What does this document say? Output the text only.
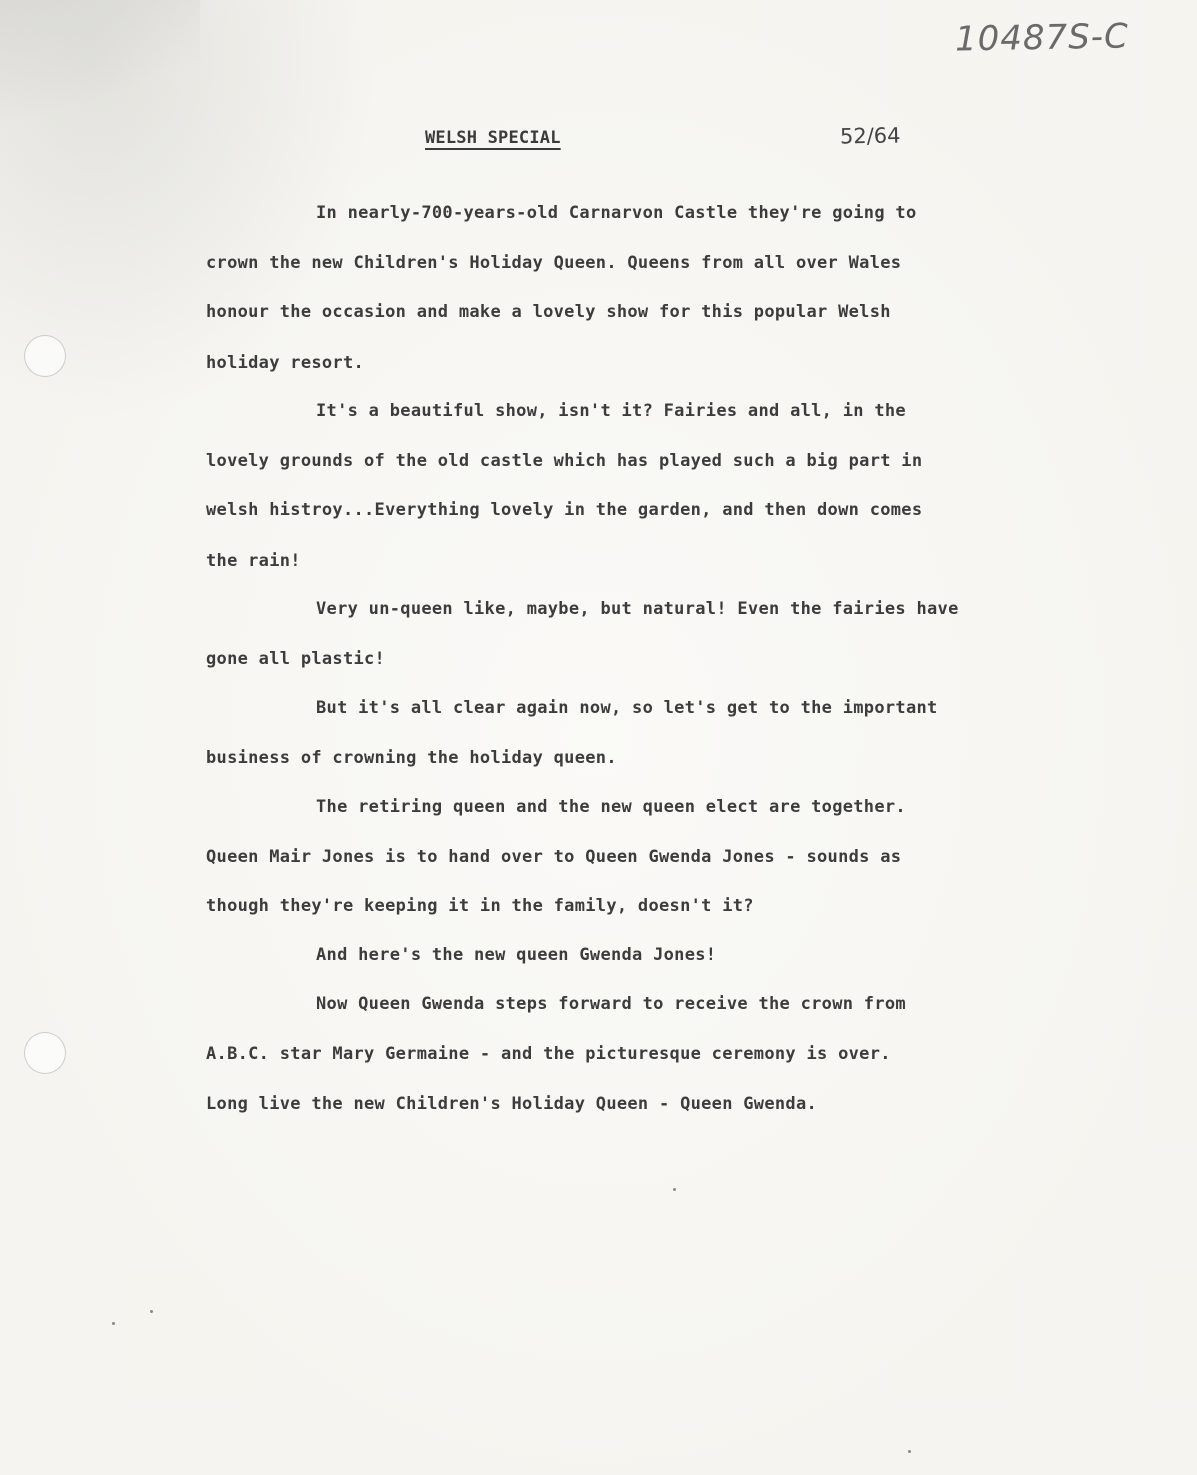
10487S-C
WELSH SPECIAL	52/64
In nearly-700-years-old Carnarvon Castle they're going to
crown the new Children's Holiday Queen. Queens from all over Wales
honour the occasion and make a lovely show for this popular Welsh
holiday resort.
It's a beautiful show, isn't it? Fairies and all, in the
lovely grounds of the old castle which has played such a big part in
welsh histroy...Everything lovely in the garden, and then down comes
the rain!
Very un-queen like, maybe, but natural! Even the fairies have
gone all plastic!
But it's all clear again now, so let's get to the important
business of crowning the holiday queen.
The retiring queen and the new queen elect are together.
Queen Mair Jones is to hand over to Queen Gwenda Jones - sounds as
though they're keeping it in the family, doesn't it?
And here's the new queen Gwenda Jones!
Now Queen Gwenda steps forward to receive the crown from
A.B.C. star Mary Germaine - and the picturesque ceremony is over.
Long live the new Children's Holiday Queen - Queen Gwenda.
